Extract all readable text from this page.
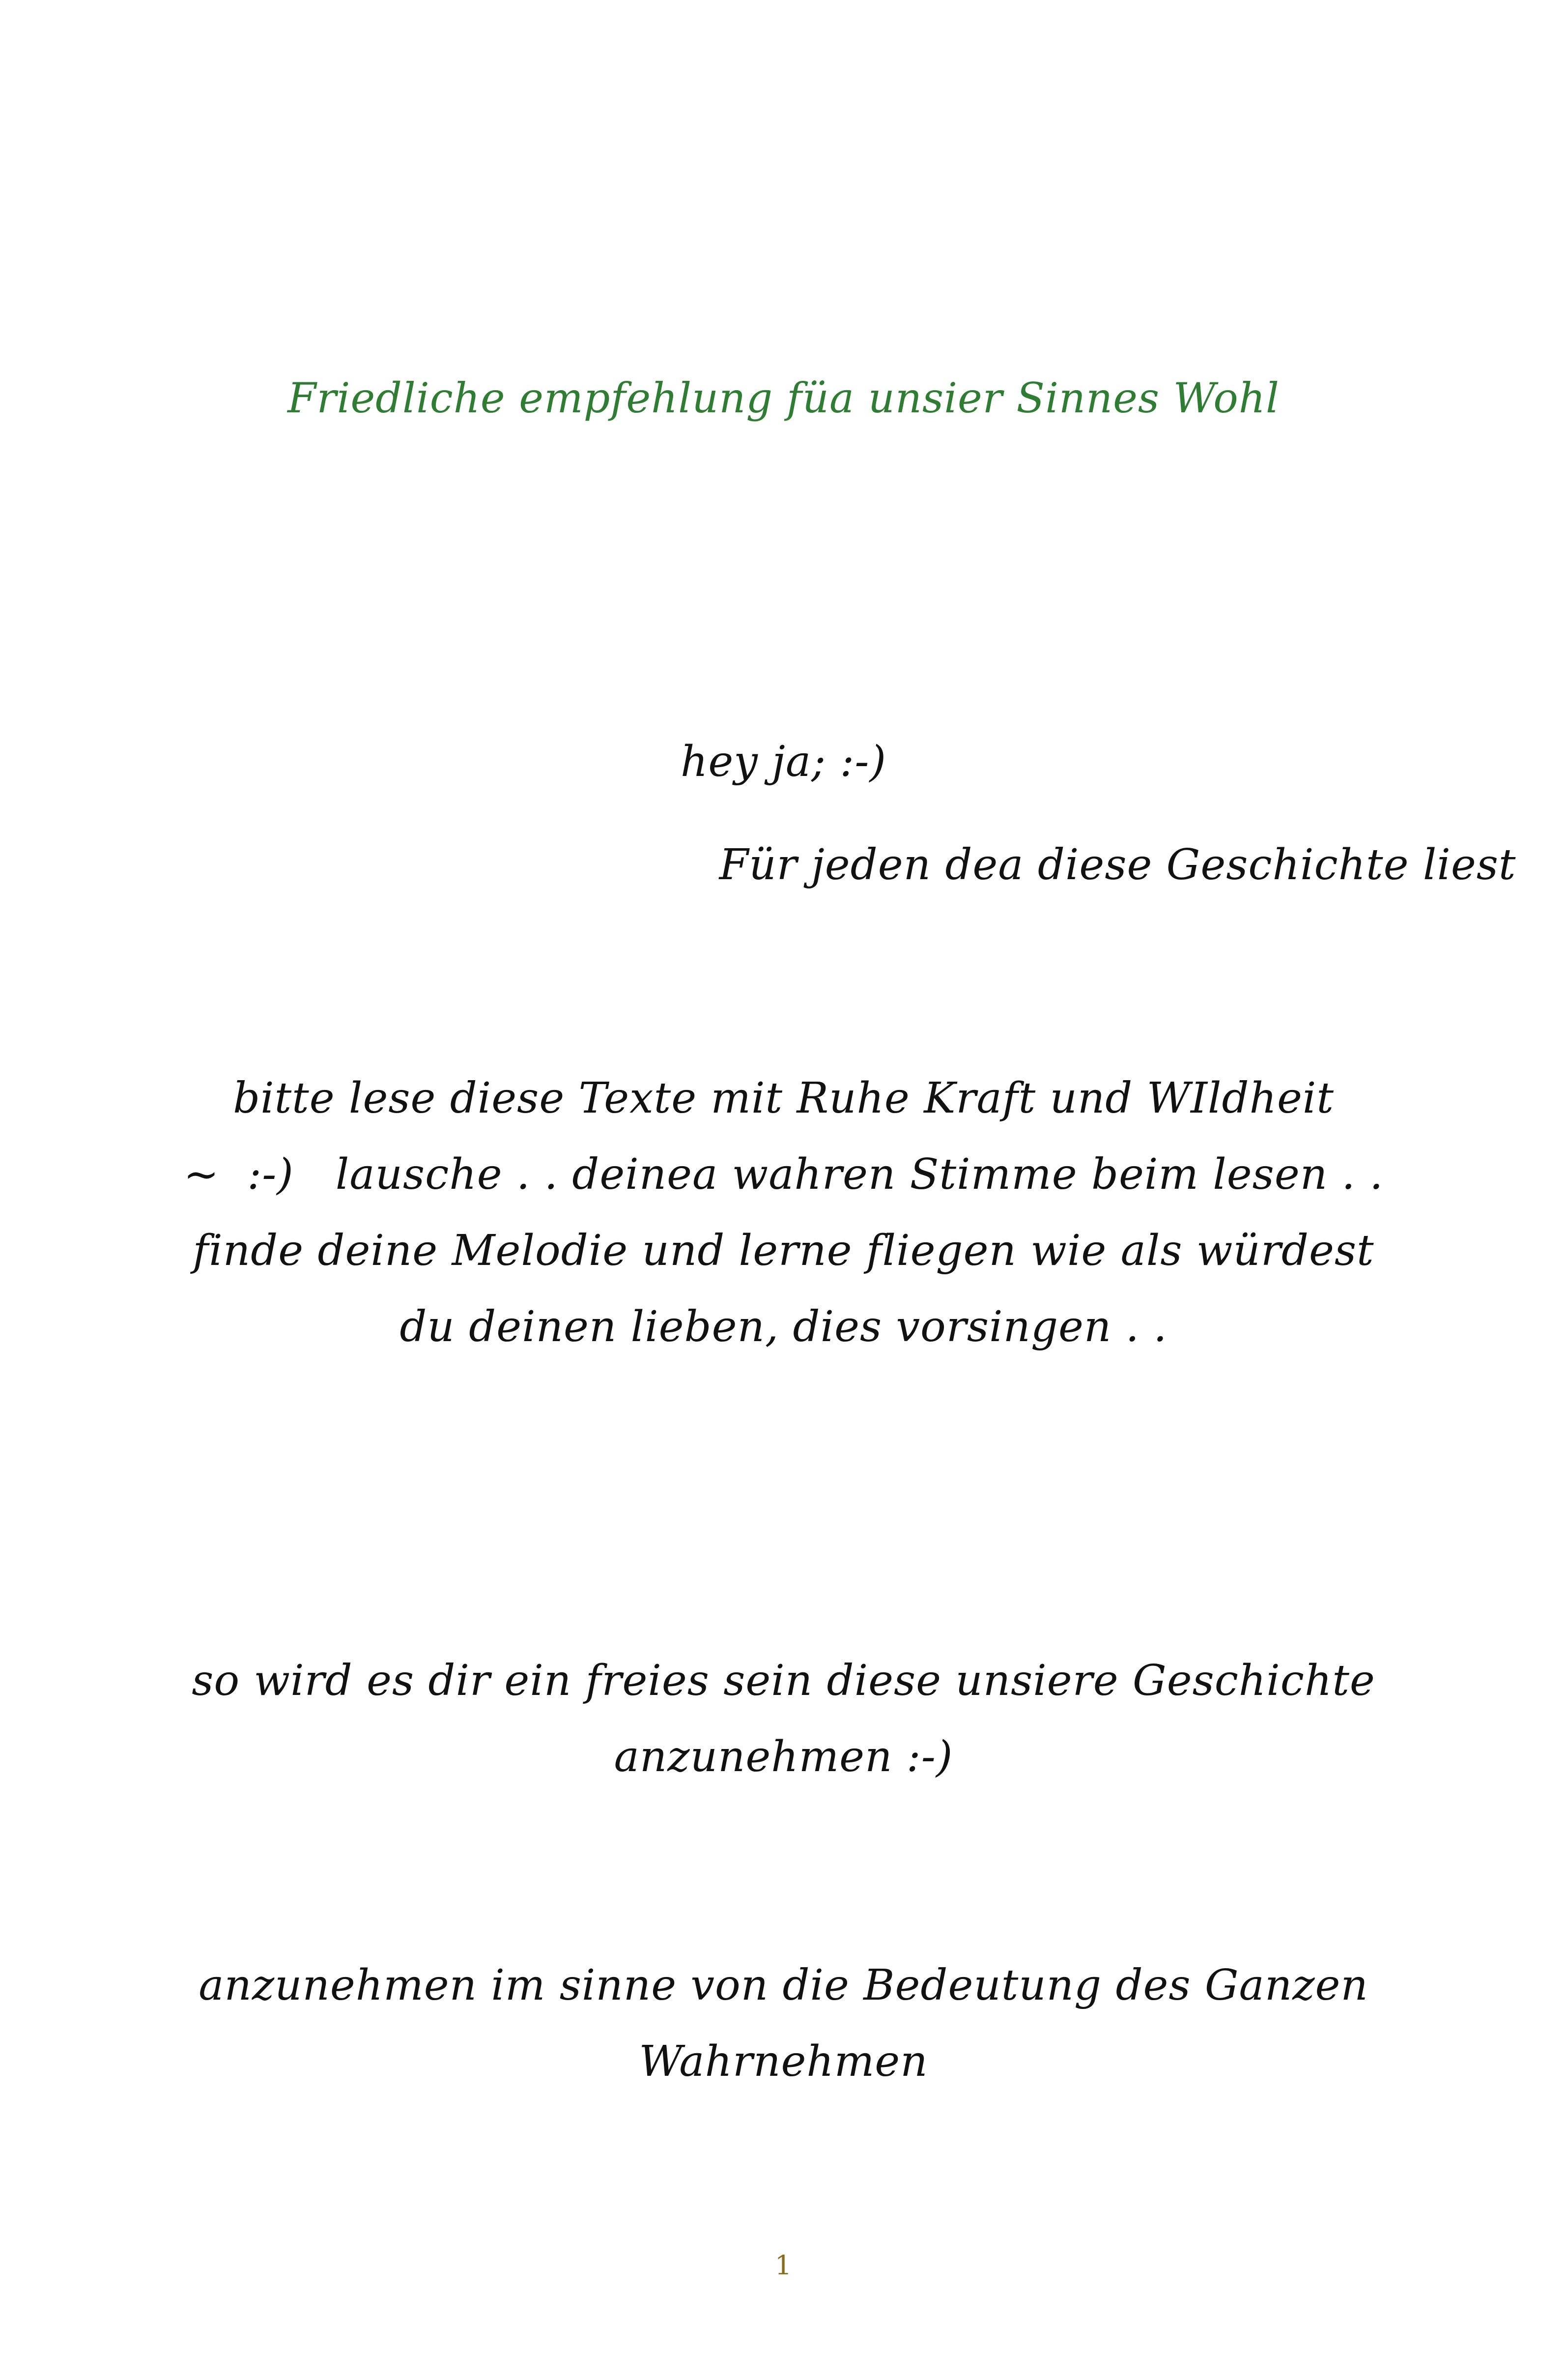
Friedliche empfehlung füa unsier Sinnes Wohl
hey ja; :-)
Für jeden dea diese Geschichte liest
bitte lese diese Texte mit Ruhe Kraft und WIldheit
~  :-)   lausche . . deinea wahren Stimme beim lesen . .
finde deine Melodie und lerne fliegen wie als würdest
du deinen lieben, dies vorsingen . .
so wird es dir ein freies sein diese unsiere Geschichte
anzunehmen :-)
anzunehmen im sinne von die Bedeutung des Ganzen
Wahrnehmen
1
